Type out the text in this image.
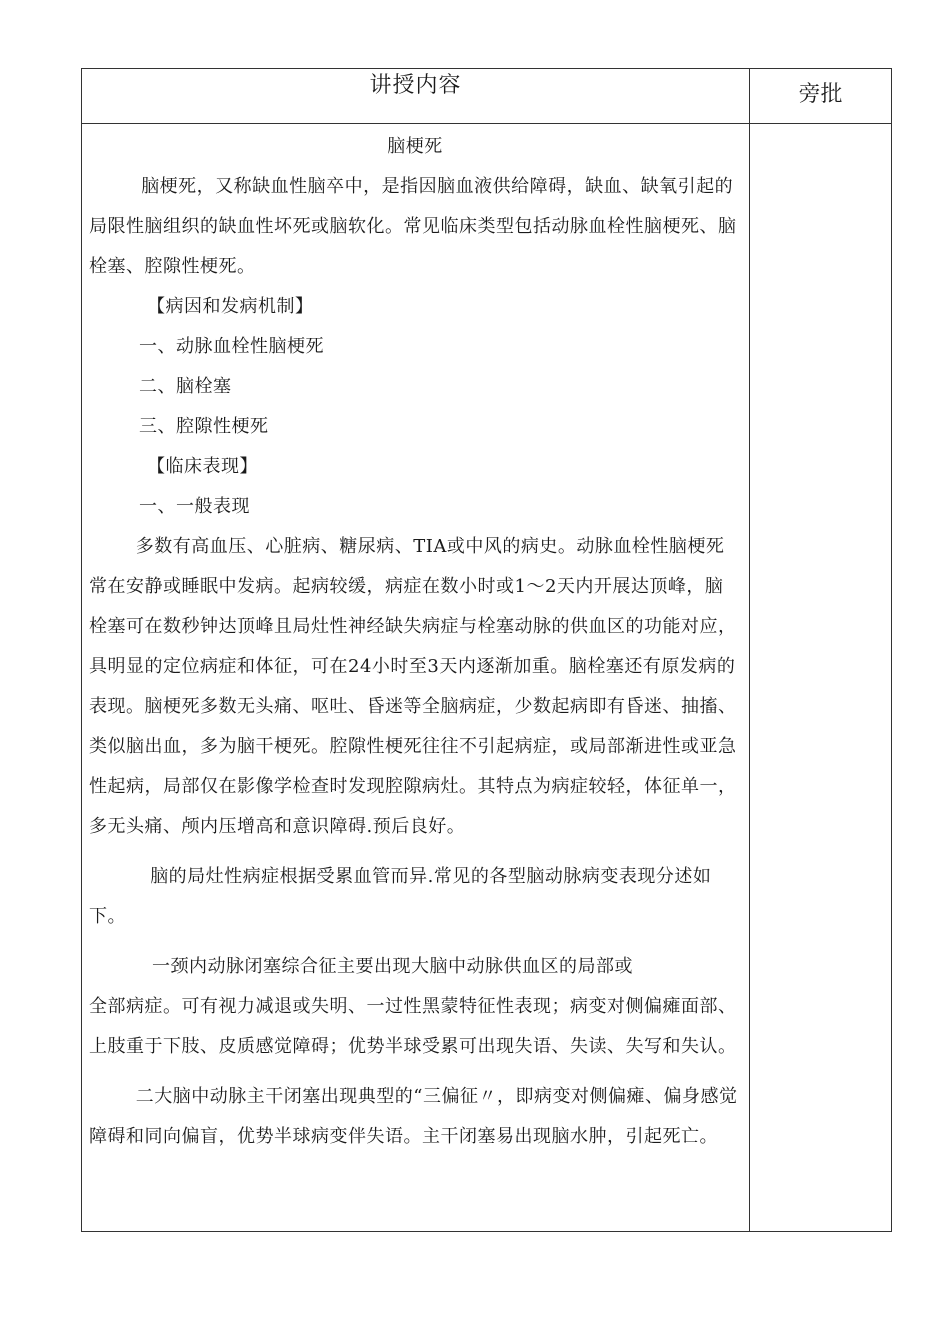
讲授内容	旁批

脑梗死

脑梗死，又称缺血性脑卒中，是指因脑血液供给障碍，缺血、缺氧引起的局限性脑组织的缺血性坏死或脑软化。常见临床类型包括动脉血栓性脑梗死、脑栓塞、腔隙性梗死。

【病因和发病机制】

一、动脉血栓性脑梗死

二、脑栓塞

三、腔隙性梗死

【临床表现】

一、一般表现

多数有高血压、心脏病、糖尿病、TIA或中风的病史。动脉血栓性脑梗死常在安静或睡眠中发病。起病较缓，病症在数小时或1〜2天内开展达顶峰，脑栓塞可在数秒钟达顶峰且局灶性神经缺失病症与栓塞动脉的供血区的功能对应，具明显的定位病症和体征，可在24小时至3天内逐渐加重。脑栓塞还有原发病的表现。脑梗死多数无头痛、呕吐、昏迷等全脑病症，少数起病即有昏迷、抽搐、类似脑出血，多为脑干梗死。腔隙性梗死往往不引起病症，或局部渐进性或亚急性起病，局部仅在影像学检查时发现腔隙病灶。其特点为病症较轻，体征单一，多无头痛、颅内压增高和意识障碍.预后良好。

脑的局灶性病症根据受累血管而异.常见的各型脑动脉病变表现分述如下。

一颈内动脉闭塞综合征主要出现大脑中动脉供血区的局部或

全部病症。可有视力减退或失明、一过性黑蒙特征性表现；病变对侧偏瘫面部、上肢重于下肢、皮质感觉障碍；优势半球受累可出现失语、失读、失写和失认。

二大脑中动脉主干闭塞出现典型的“三偏征〃，即病变对侧偏瘫、偏身感觉障碍和同向偏盲，优势半球病变伴失语。主干闭塞易出现脑水肿，引起死亡。
